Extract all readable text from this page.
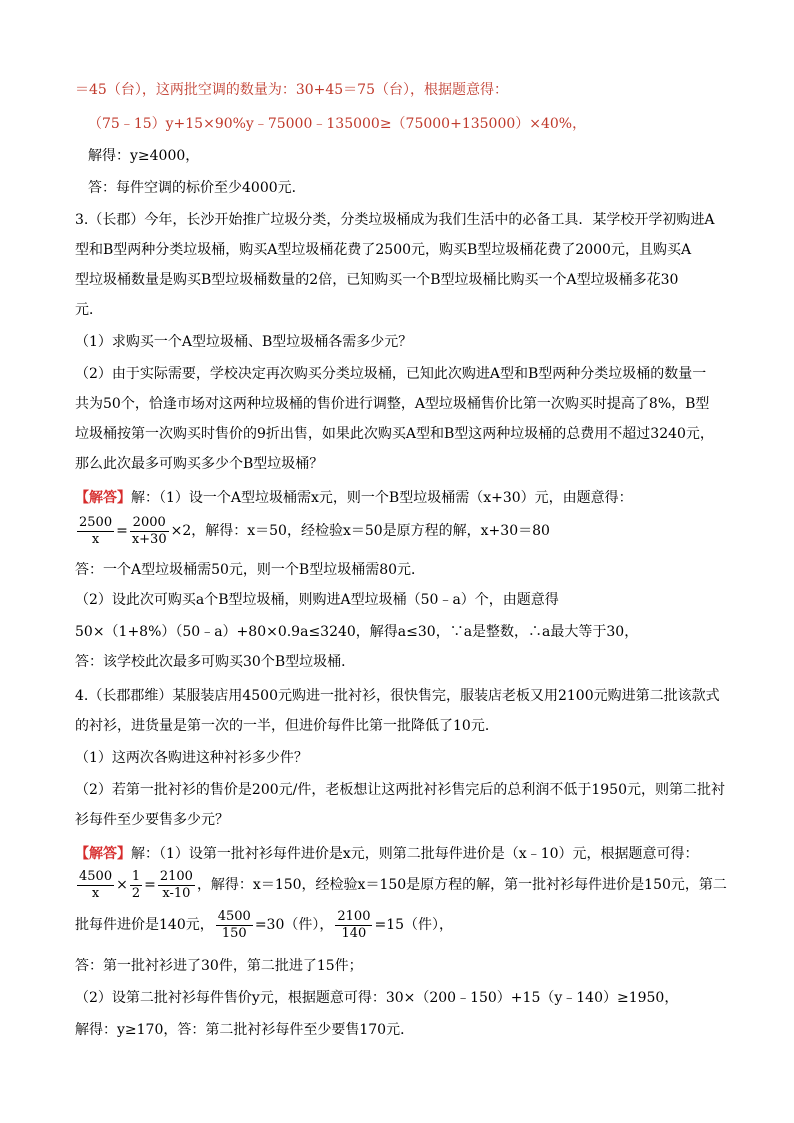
＝45（台），这两批空调的数量为：30+45＝75（台），根据题意得：
（75﹣15）y+15×90%y﹣75000﹣135000≥（75000+135000）×40%，
解得：y≥4000，
答：每件空调的标价至少4000元．
3.（长郡）今年，长沙开始推广垃圾分类，分类垃圾桶成为我们生活中的必备工具．某学校开学初购进A
型和B型两种分类垃圾桶，购买A型垃圾桶花费了2500元，购买B型垃圾桶花费了2000元，且购买A
型垃圾桶数量是购买B型垃圾桶数量的2倍，已知购买一个B型垃圾桶比购买一个A型垃圾桶多花30
元．
（1）求购买一个A型垃圾桶、B型垃圾桶各需多少元？
（2）由于实际需要，学校决定再次购买分类垃圾桶，已知此次购进A型和B型两种分类垃圾桶的数量一
共为50个，恰逢市场对这两种垃圾桶的售价进行调整，A型垃圾桶售价比第一次购买时提高了8%，B型
垃圾桶按第一次购买时售价的9折出售，如果此次购买A型和B型这两种垃圾桶的总费用不超过3240元，
那么此次最多可购买多少个B型垃圾桶？
【解答】解：（1）设一个A型垃圾桶需x元，则一个B型垃圾桶需（x+30）元，由题意得：
$\frac{2500}{x} = \frac{2000}{x+30} \times 2$，解得：x＝50，经检验x＝50是原方程的解，x+30＝80
答：一个A型垃圾桶需50元，则一个B型垃圾桶需80元．
（2）设此次可购买a个B型垃圾桶，则购进A型垃圾桶（50﹣a）个，由题意得
50×（1+8%）（50﹣a）+80×0.9a≤3240，解得a≤30，∵a是整数，∴a最大等于30，
答：该学校此次最多可购买30个B型垃圾桶．
4.（长郡郡维）某服装店用4500元购进一批衬衫，很快售完，服装店老板又用2100元购进第二批该款式
的衬衫，进货量是第一次的一半，但进价每件比第一批降低了10元．
（1）这两次各购进这种衬衫多少件？
（2）若第一批衬衫的售价是200元/件，老板想让这两批衬衫售完后的总利润不低于1950元，则第二批衬
衫每件至少要售多少元？
【解答】解：（1）设第一批衬衫每件进价是x元，则第二批每件进价是（x﹣10）元，根据题意可得：
$\frac{4500}{x} \times \frac{1}{2} = \frac{2100}{x-10}$ ，解得：x＝150，经检验x＝150是原方程的解，第一批衬衫每件进价是150元，第二
批每件进价是140元， $\frac{4500}{150} =30$（件）， $\frac{2100}{140} =15$（件），
答：第一批衬衫进了30件，第二批进了15件；
（2）设第二批衬衫每件售价y元，根据题意可得：30×（200﹣150）+15（y﹣140）≥1950，
解得：y≥170，答：第二批衬衫每件至少要售170元．
